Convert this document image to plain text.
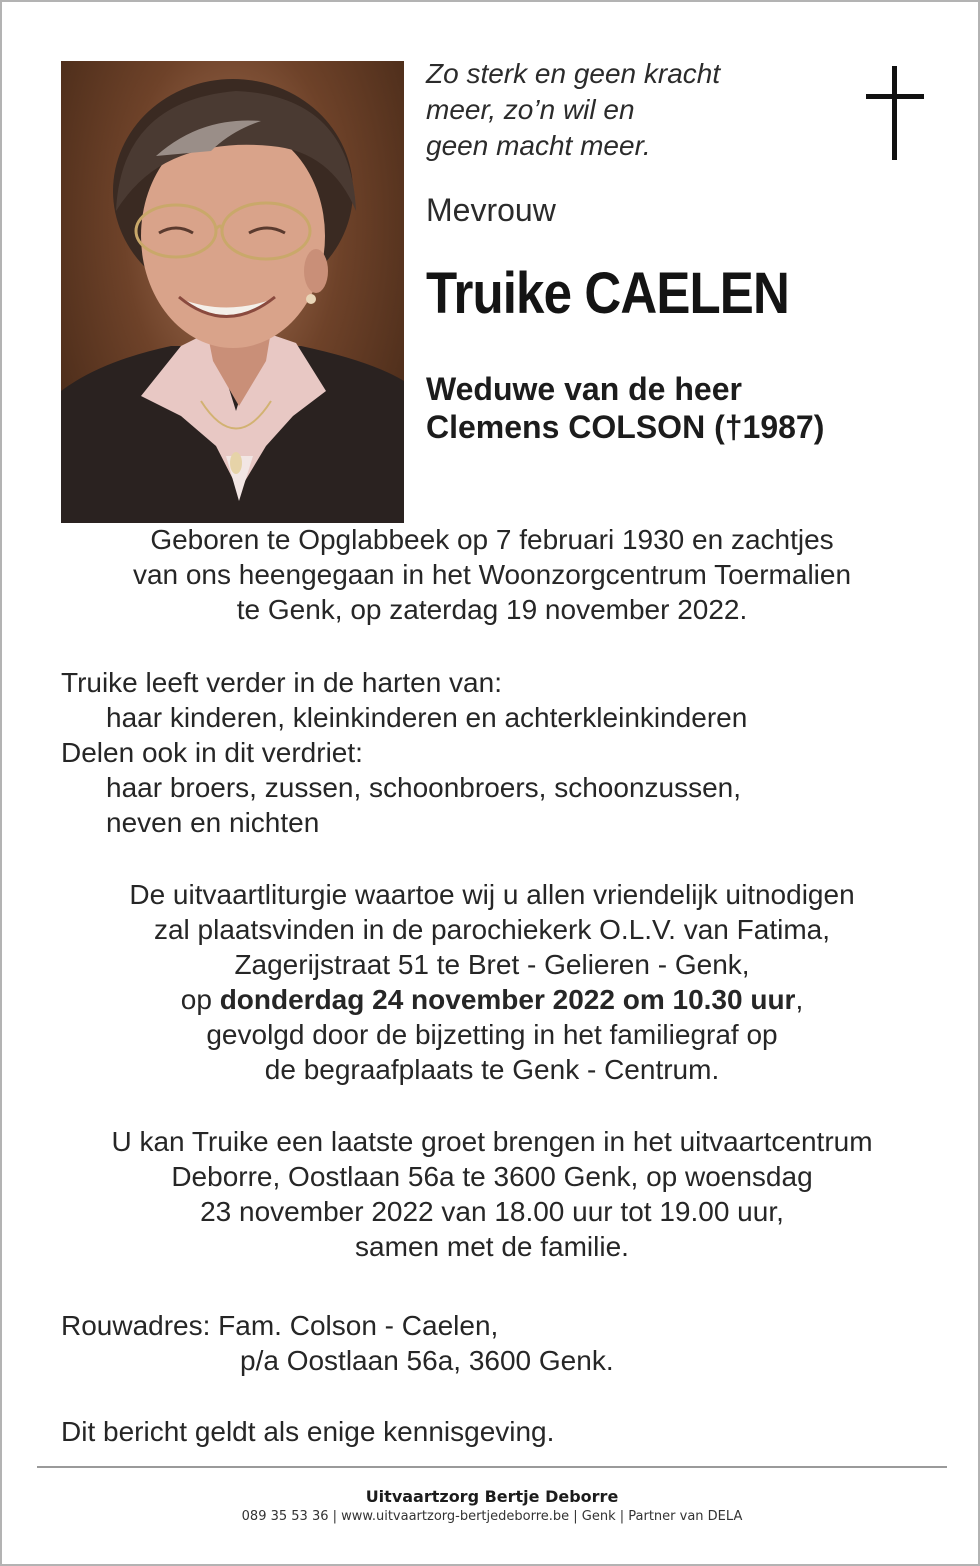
Zo sterk en geen kracht
meer, zo’n wil en
geen macht meer.
Mevrouw
Truike CAELEN
Weduwe van de heer
Clemens COLSON (†1987)
Geboren te Opglabbeek op 7 februari 1930 en zachtjes
van ons heengegaan in het Woonzorgcentrum Toermalien
te Genk, op zaterdag 19 november 2022.
Truike leeft verder in de harten van:
haar kinderen, kleinkinderen en achterkleinkinderen
Delen ook in dit verdriet:
haar broers, zussen, schoonbroers, schoonzussen,
neven en nichten
De uitvaartliturgie waartoe wij u allen vriendelijk uitnodigen
zal plaatsvinden in de parochiekerk O.L.V. van Fatima,
Zagerijstraat 51 te Bret - Gelieren - Genk,
op donderdag 24 november 2022 om 10.30 uur,
gevolgd door de bijzetting in het familiegraf op
de begraafplaats te Genk - Centrum.
U kan Truike een laatste groet brengen in het uitvaartcentrum
Deborre, Oostlaan 56a te 3600 Genk, op woensdag
23 november 2022 van 18.00 uur tot 19.00 uur,
samen met de familie.
Rouwadres: Fam. Colson - Caelen,
p/a Oostlaan 56a, 3600 Genk.
Dit bericht geldt als enige kennisgeving.
Uitvaartzorg Bertje Deborre
089 35 53 36 | www.uitvaartzorg-bertjedeborre.be | Genk | Partner van DELA
